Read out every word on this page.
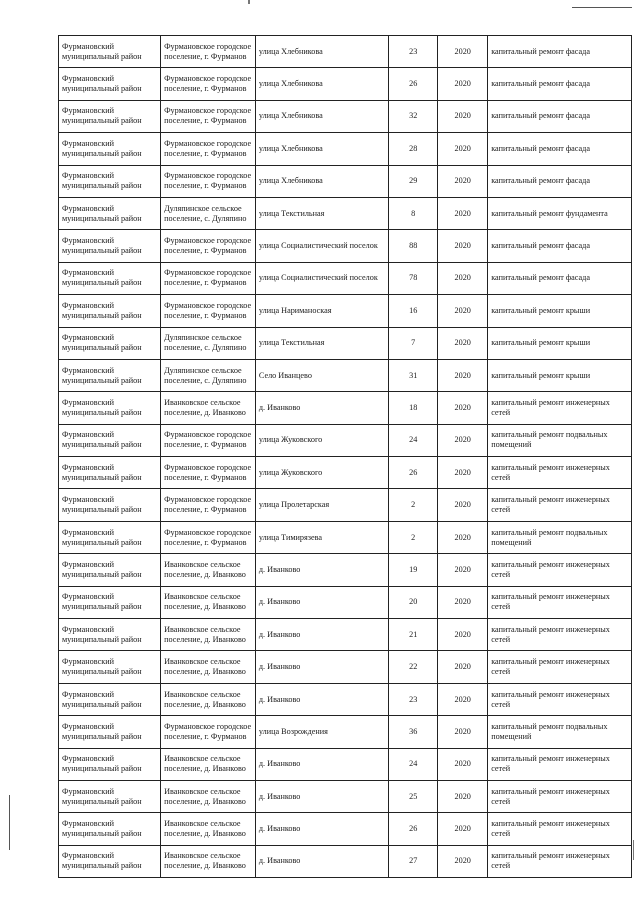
Фурмановский муниципальный район	Фурмановское городское поселение, г. Фурманов	улица Хлебникова	23	2020	капитальный ремонт фасада
Фурмановский муниципальный район	Фурмановское городское поселение, г. Фурманов	улица Хлебникова	26	2020	капитальный ремонт фасада
Фурмановский муниципальный район	Фурмановское городское поселение, г. Фурманов	улица Хлебникова	32	2020	капитальный ремонт фасада
Фурмановский муниципальный район	Фурмановское городское поселение, г. Фурманов	улица Хлебникова	28	2020	капитальный ремонт фасада
Фурмановский муниципальный район	Фурмановское городское поселение, г. Фурманов	улица Хлебникова	29	2020	капитальный ремонт фасада
Фурмановский муниципальный район	Дуляпинское сельское поселение, с. Дуляпино	улица Текстильная	8	2020	капитальный ремонт фундамента
Фурмановский муниципальный район	Фурмановское городское поселение, г. Фурманов	улица Социалистический поселок	88	2020	капитальный ремонт фасада
Фурмановский муниципальный район	Фурмановское городское поселение, г. Фурманов	улица Социалистический поселок	78	2020	капитальный ремонт фасада
Фурмановский муниципальный район	Фурмановское городское поселение, г. Фурманов	улица Нариманоская	16	2020	капитальный ремонт крыши
Фурмановский муниципальный район	Дуляпинское сельское поселение, с. Дуляпино	улица Текстильная	7	2020	капитальный ремонт крыши
Фурмановский муниципальный район	Дуляпинское сельское поселение, с. Дуляпино	Село Иванцево	31	2020	капитальный ремонт крыши
Фурмановский муниципальный район	Иванковское сельское поселение, д. Иванково	д. Иванково	18	2020	капитальный ремонт инженерных сетей
Фурмановский муниципальный район	Фурмановское городское поселение, г. Фурманов	улица Жуковского	24	2020	капитальный ремонт подвальных помещений
Фурмановский муниципальный район	Фурмановское городское поселение, г. Фурманов	улица Жуковского	26	2020	капитальный ремонт инженерных сетей
Фурмановский муниципальный район	Фурмановское городское поселение, г. Фурманов	улица Пролетарская	2	2020	капитальный ремонт инженерных сетей
Фурмановский муниципальный район	Фурмановское городское поселение, г. Фурманов	улица Тимирязева	2	2020	капитальный ремонт подвальных помещений
Фурмановский муниципальный район	Иванковское сельское поселение, д. Иванково	д. Иванково	19	2020	капитальный ремонт инженерных сетей
Фурмановский муниципальный район	Иванковское сельское поселение, д. Иванково	д. Иванково	20	2020	капитальный ремонт инженерных сетей
Фурмановский муниципальный район	Иванковское сельское поселение, д. Иванково	д. Иванково	21	2020	капитальный ремонт инженерных сетей
Фурмановский муниципальный район	Иванковское сельское поселение, д. Иванково	д. Иванково	22	2020	капитальный ремонт инженерных сетей
Фурмановский муниципальный район	Иванковское сельское поселение, д. Иванково	д. Иванково	23	2020	капитальный ремонт инженерных сетей
Фурмановский муниципальный район	Фурмановское городское поселение, г. Фурманов	улица Возрождения	36	2020	капитальный ремонт подвальных помещений
Фурмановский муниципальный район	Иванковское сельское поселение, д. Иванково	д. Иванково	24	2020	капитальный ремонт инженерных сетей
Фурмановский муниципальный район	Иванковское сельское поселение, д. Иванково	д. Иванково	25	2020	капитальный ремонт инженерных сетей
Фурмановский муниципальный район	Иванковское сельское поселение, д. Иванково	д. Иванково	26	2020	капитальный ремонт инженерных сетей
Фурмановский муниципальный район	Иванковское сельское поселение, д. Иванково	д. Иванково	27	2020	капитальный ремонт инженерных сетей
